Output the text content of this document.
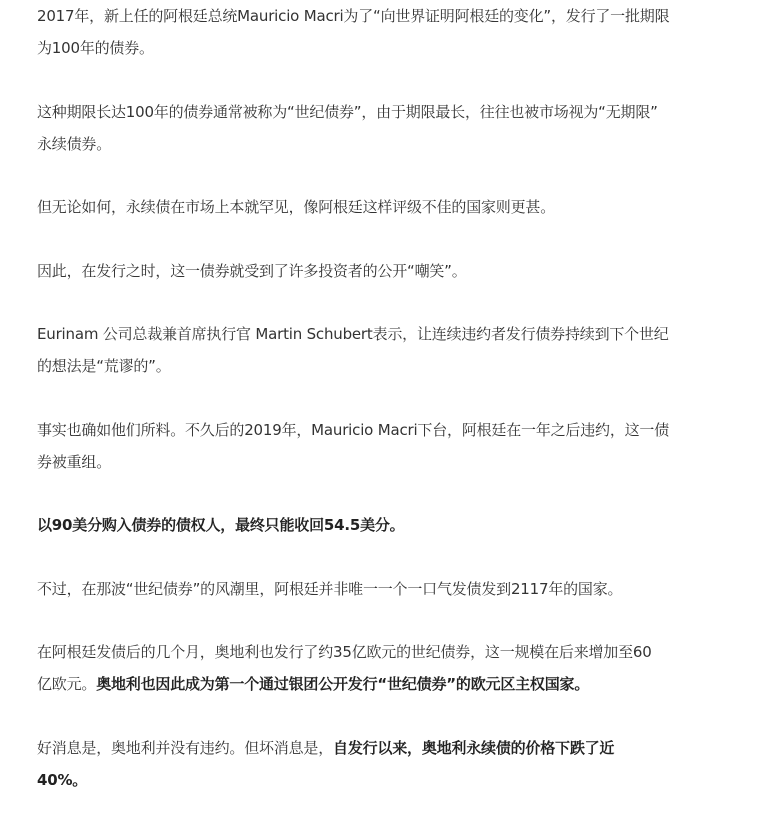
2017年，新上任的阿根廷总统Mauricio Macri为了“向世界证明阿根廷的变化”，发行了一批期限
为100年的债券。

这种期限长达100年的债券通常被称为“世纪债券”，由于期限最长，往往也被市场视为“无期限”
永续债券。

但无论如何，永续债在市场上本就罕见，像阿根廷这样评级不佳的国家则更甚。

因此，在发行之时，这一债券就受到了许多投资者的公开“嘲笑”。

Eurinam 公司总裁兼首席执行官 Martin Schubert表示，让连续违约者发行债券持续到下个世纪
的想法是“荒谬的”。

事实也确如他们所料。不久后的2019年，Mauricio Macri下台，阿根廷在一年之后违约，这一债
券被重组。

以90美分购入债券的债权人，最终只能收回54.5美分。

不过，在那波“世纪债券”的风潮里，阿根廷并非唯一一个一口气发债发到2117年的国家。

在阿根廷发债后的几个月，奥地利也发行了约35亿欧元的世纪债券，这一规模在后来增加至60
亿欧元。奥地利也因此成为第一个通过银团公开发行“世纪债券”的欧元区主权国家。

好消息是，奥地利并没有违约。但坏消息是，自发行以来，奥地利永续债的价格下跌了近
40%。
